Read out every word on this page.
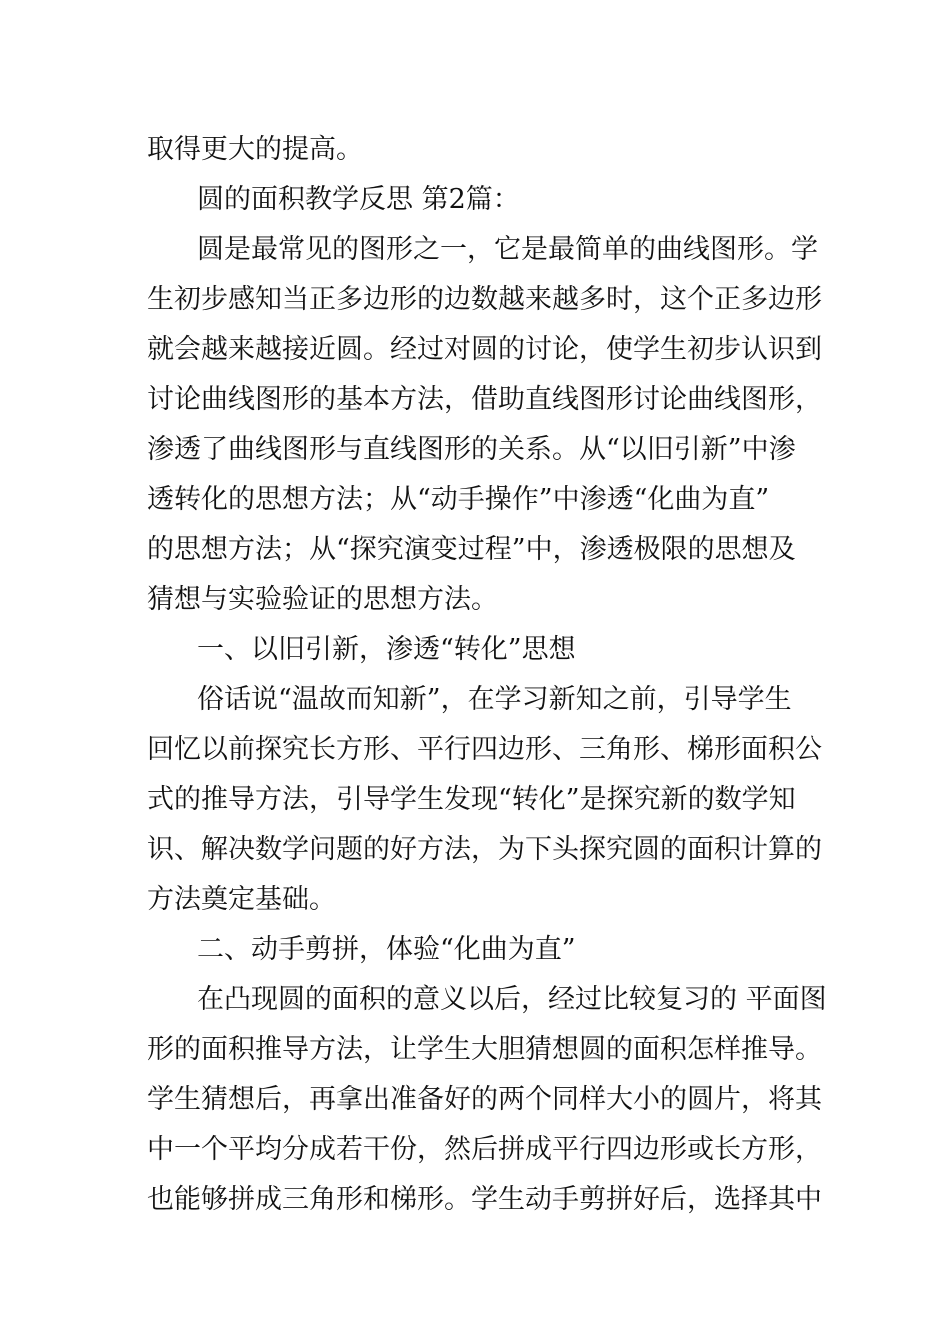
取得更大的提高。
圆的面积教学反思 第2篇：
圆是最常见的图形之一，它是最简单的曲线图形。学
生初步感知当正多边形的边数越来越多时，这个正多边形
就会越来越接近圆。经过对圆的讨论，使学生初步认识到
讨论曲线图形的基本方法，借助直线图形讨论曲线图形，
渗透了曲线图形与直线图形的关系。从“以旧引新”中渗
透转化的思想方法；从“动手操作”中渗透“化曲为直”
的思想方法；从“探究演变过程”中，渗透极限的思想及
猜想与实验验证的思想方法。
一、以旧引新，渗透“转化”思想
俗话说“温故而知新”，在学习新知之前，引导学生
回忆以前探究长方形、平行四边形、三角形、梯形面积公
式的推导方法，引导学生发现“转化”是探究新的数学知
识、解决数学问题的好方法，为下头探究圆的面积计算的
方法奠定基础。
二、动手剪拼，体验“化曲为直”
在凸现圆的面积的意义以后，经过比较复习的 平面图
形的面积推导方法，让学生大胆猜想圆的面积怎样推导。
学生猜想后，再拿出准备好的两个同样大小的圆片，将其
中一个平均分成若干份，然后拼成平行四边形或长方形，
也能够拼成三角形和梯形。学生动手剪拼好后，选择其中
